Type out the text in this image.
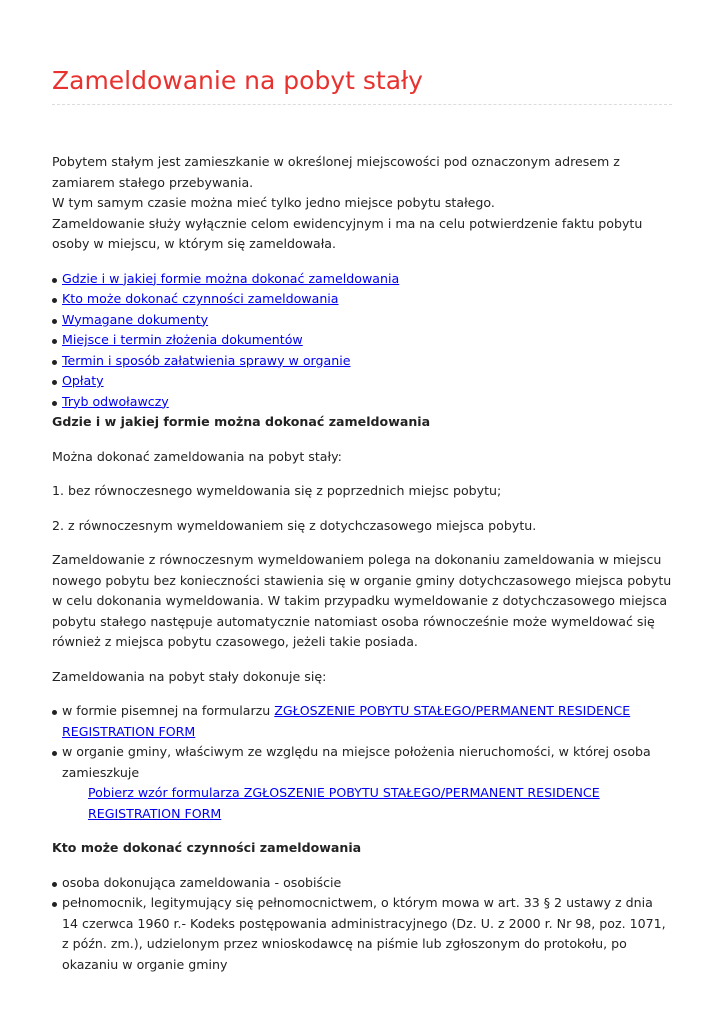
Zameldowanie na pobyt stały

Pobytem stałym jest zamieszkanie w określonej miejscowości pod oznaczonym adresem z zamiarem stałego przebywania.

W tym samym czasie można mieć tylko jedno miejsce pobytu stałego.

Zameldowanie służy wyłącznie celom ewidencyjnym i ma na celu potwierdzenie faktu pobytu osoby w miejscu, w którym się zameldowała.

Gdzie i w jakiej formie można dokonać zameldowania
Kto może dokonać czynności zameldowania
Wymagane dokumenty
Miejsce i termin złożenia dokumentów
Termin i sposób załatwienia sprawy w organie
Opłaty
Tryb odwoławczy
Gdzie i w jakiej formie można dokonać zameldowania

Można dokonać zameldowania na pobyt stały:

1. bez równoczesnego wymeldowania się z poprzednich miejsc pobytu;

2. z równoczesnym wymeldowaniem się z dotychczasowego miejsca pobytu.

Zameldowanie z równoczesnym wymeldowaniem polega na dokonaniu zameldowania w miejscu nowego pobytu bez konieczności stawienia się w organie gminy dotychczasowego miejsca pobytu w celu dokonania wymeldowania. W takim przypadku wymeldowanie z dotychczasowego miejsca pobytu stałego następuje automatycznie natomiast osoba równocześnie może wymeldować się również z miejsca pobytu czasowego, jeżeli takie posiada.

Zameldowania na pobyt stały dokonuje się:

w formie pisemnej na formularzu ZGŁOSZENIE POBYTU STAŁEGO/PERMANENT RESIDENCE REGISTRATION FORM
w organie gminy, właściwym ze względu na miejsce położenia nieruchomości, w której osoba zamieszkuje
Pobierz wzór formularza ZGŁOSZENIE POBYTU STAŁEGO/PERMANENT RESIDENCE REGISTRATION FORM
Kto może dokonać czynności zameldowania
osoba dokonująca zameldowania - osobiście
pełnomocnik, legitymujący się pełnomocnictwem, o którym mowa w art. 33 § 2 ustawy z dnia 14 czerwca 1960 r.- Kodeks postępowania administracyjnego (Dz. U. z 2000 r. Nr 98, poz. 1071, z późn. zm.), udzielonym przez wnioskodawcę na piśmie lub zgłoszonym do protokołu, po okazaniu w organie gminy
